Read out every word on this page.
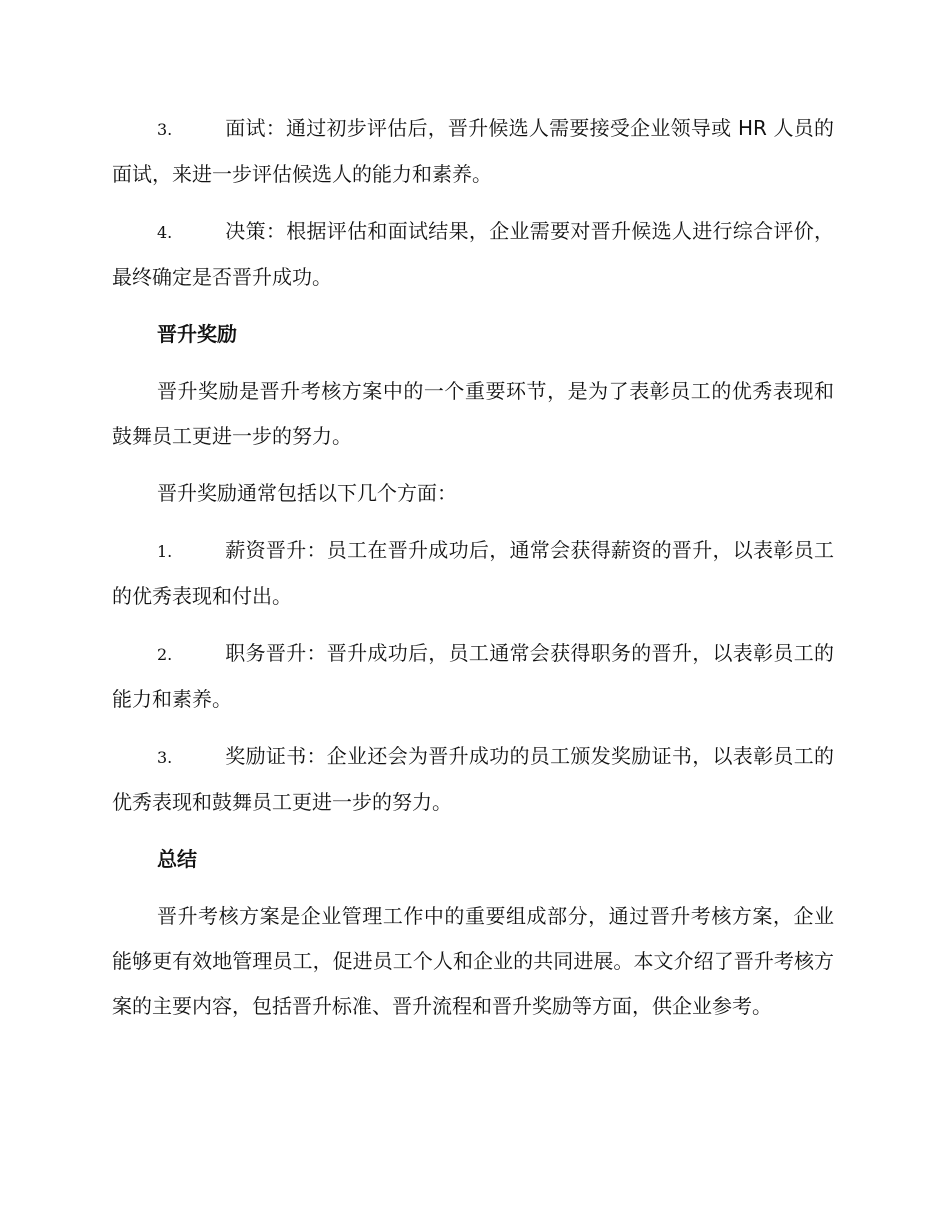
3.	面试：通过初步评估后，晋升候选人需要接受企业领导或 HR 人员的面试，来进一步评估候选人的能力和素养。

4.	决策：根据评估和面试结果，企业需要对晋升候选人进行综合评价，最终确定是否晋升成功。

晋升奖励

晋升奖励是晋升考核方案中的一个重要环节，是为了表彰员工的优秀表现和鼓舞员工更进一步的努力。

晋升奖励通常包括以下几个方面：

1.	薪资晋升：员工在晋升成功后，通常会获得薪资的晋升，以表彰员工的优秀表现和付出。

2.	职务晋升：晋升成功后，员工通常会获得职务的晋升，以表彰员工的能力和素养。

3.	奖励证书：企业还会为晋升成功的员工颁发奖励证书，以表彰员工的优秀表现和鼓舞员工更进一步的努力。

总结

晋升考核方案是企业管理工作中的重要组成部分，通过晋升考核方案，企业能够更有效地管理员工，促进员工个人和企业的共同进展。本文介绍了晋升考核方案的主要内容，包括晋升标准、晋升流程和晋升奖励等方面，供企业参考。
